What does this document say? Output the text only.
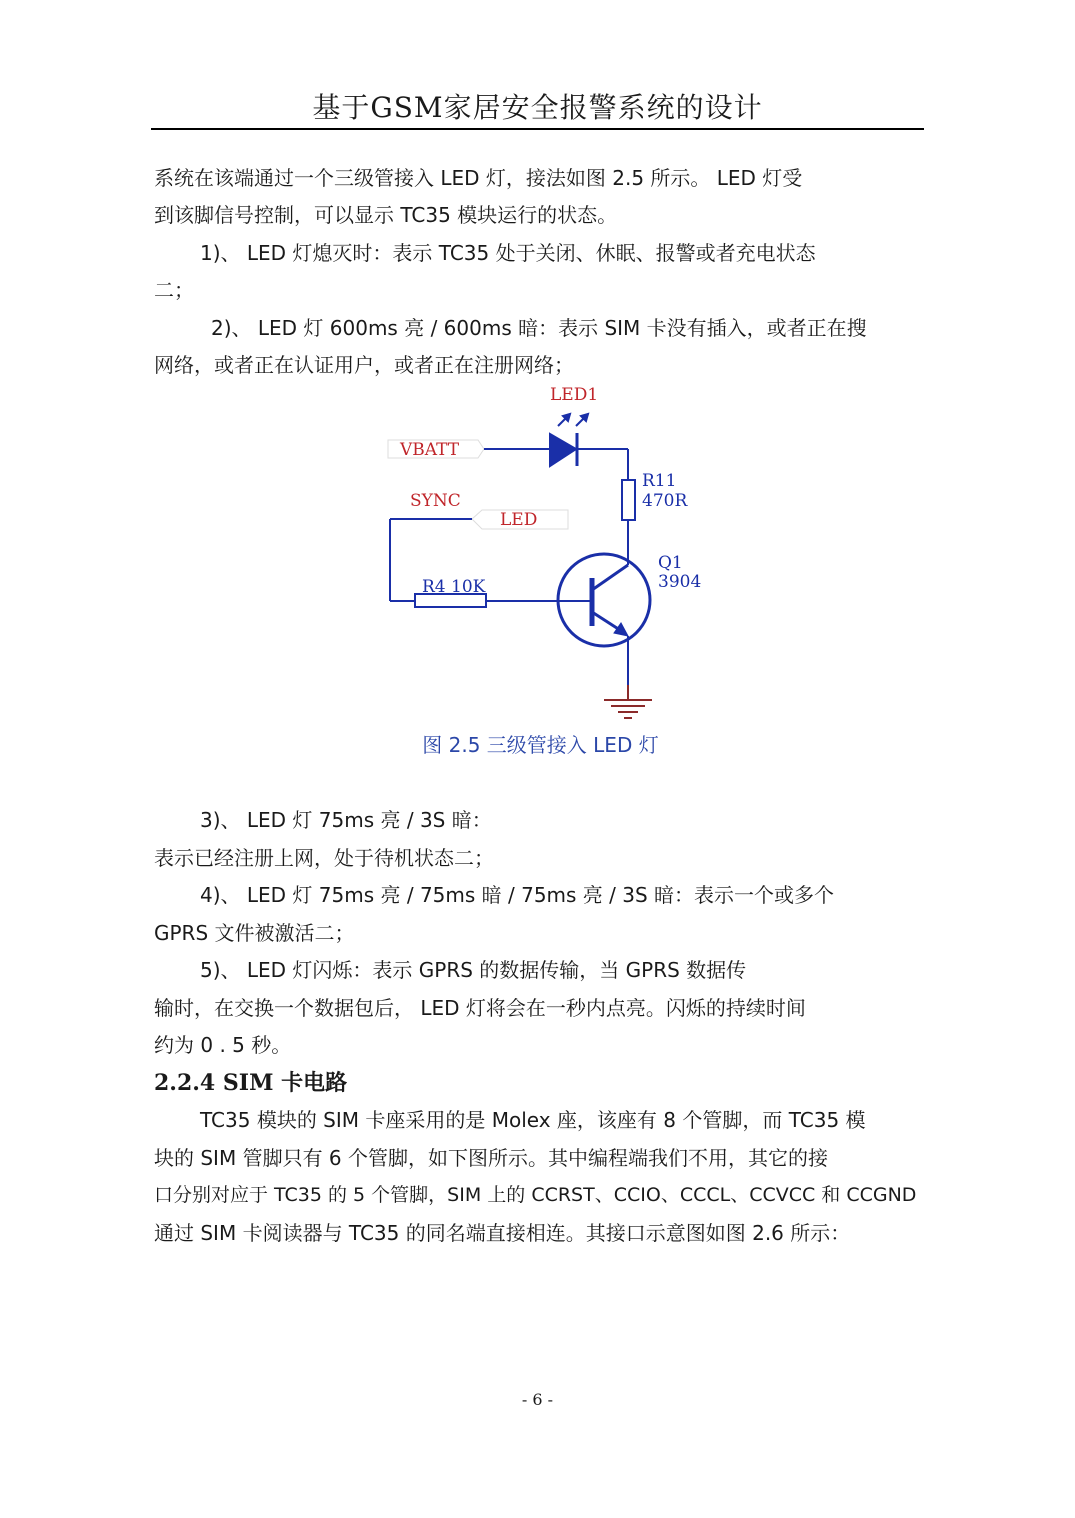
基于GSM家居安全报警系统的设计
系统在该端通过一个三级管接入 LED 灯，接法如图 2.5 所示。 LED 灯受
到该脚信号控制，可以显示 TC35 模块运行的状态。
1)、 LED 灯熄灭时：表示 TC35 处于关闭、休眠、报警或者充电状态
二；
2)、 LED 灯 600ms 亮 / 600ms 暗：表示 SIM 卡没有插入，或者正在搜
网络，或者正在认证用户，或者正在注册网络；
LED1
VBATT
R11
470R
SYNC
LED
R4 10K
Q1
3904
图 2.5 三级管接入 LED 灯
3)、 LED 灯 75ms 亮 / 3S 暗：
表示已经注册上网，处于待机状态二；
4)、 LED 灯 75ms 亮 / 75ms 暗 / 75ms 亮 / 3S 暗：表示一个或多个
GPRS 文件被激活二；
5)、 LED 灯闪烁：表示 GPRS 的数据传输，当 GPRS 数据传
输时，在交换一个数据包后， LED 灯将会在一秒内点亮。闪烁的持续时间
约为 0 . 5 秒。
2.2.4 SIM 卡电路
TC35 模块的 SIM 卡座采用的是 Molex 座，该座有 8 个管脚，而 TC35 模
块的 SIM 管脚只有 6 个管脚，如下图所示。其中编程端我们不用，其它的接
口分别对应于 TC35 的 5 个管脚，SIM 上的 CCRST、CCIO、CCCL、CCVCC 和 CCGND
通过 SIM 卡阅读器与 TC35 的同名端直接相连。其接口示意图如图 2.6 所示：
- 6 -
